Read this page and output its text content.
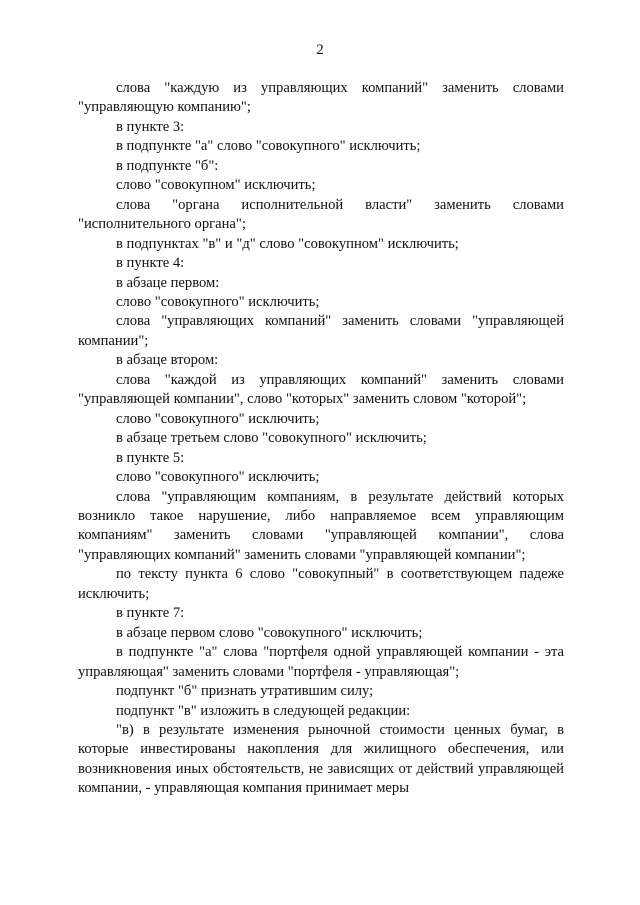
2

слова "каждую из управляющих компаний" заменить словами "управляющую компанию";

в пункте 3:

в подпункте "а" слово "совокупного" исключить;

в подпункте "б":

слово "совокупном" исключить;

слова "органа исполнительной власти" заменить словами "исполнительного органа";

в подпунктах "в" и "д" слово "совокупном" исключить;

в пункте 4:

в абзаце первом:

слово "совокупного" исключить;

слова "управляющих компаний" заменить словами "управляющей компании";

в абзаце втором:

слова "каждой из управляющих компаний" заменить словами "управляющей компании", слово "которых" заменить словом "которой";

слово "совокупного" исключить;

в абзаце третьем слово "совокупного" исключить;

в пункте 5:

слово "совокупного" исключить;

слова "управляющим компаниям, в результате действий которых возникло такое нарушение, либо направляемое всем управляющим компаниям" заменить словами "управляющей компании", слова "управляющих компаний" заменить словами "управляющей компании";

по тексту пункта 6 слово "совокупный" в соответствующем падеже исключить;

в пункте 7:

в абзаце первом слово "совокупного" исключить;

в подпункте "а" слова "портфеля одной управляющей компании - эта управляющая" заменить словами "портфеля - управляющая";

подпункт "б" признать утратившим силу;

подпункт "в" изложить в следующей редакции:

"в) в результате изменения рыночной стоимости ценных бумаг, в которые инвестированы накопления для жилищного обеспечения, или возникновения иных обстоятельств, не зависящих от действий управляющей компании, - управляющая компания принимает меры
